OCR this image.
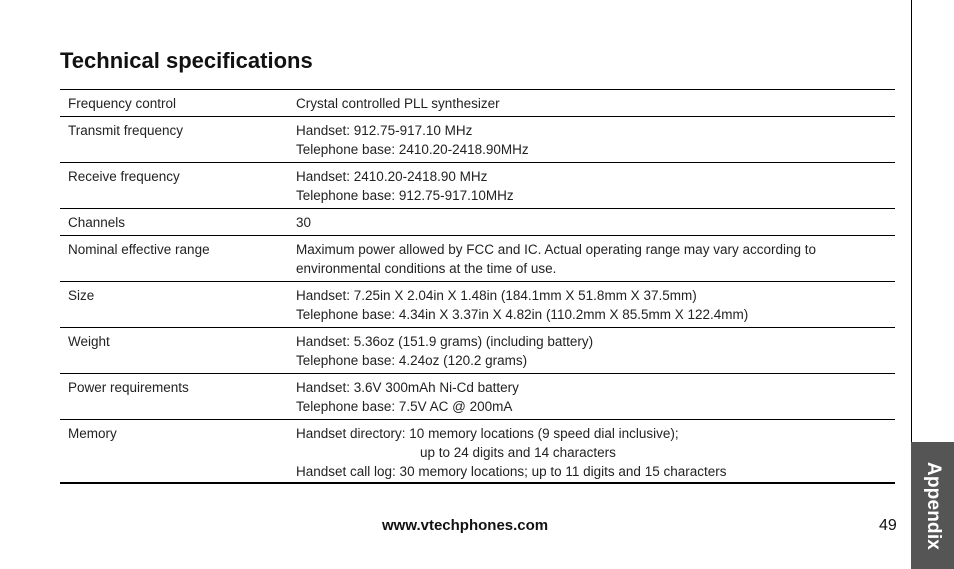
Appendix
Technical specifications
Frequency control	Crystal controlled PLL synthesizer

Transmit frequency	Handset: 912.75-917.10 MHz
Telephone base: 2410.20-2418.90MHz

Receive frequency	Handset: 2410.20-2418.90 MHz
Telephone base: 912.75-917.10MHz

Channels	30

Nominal effective range	Maximum power allowed by FCC and IC. Actual operating range may vary according to
environmental conditions at the time of use.

Size	Handset: 7.25in X 2.04in X 1.48in (184.1mm X 51.8mm X 37.5mm)
Telephone base: 4.34in X 3.37in X 4.82in (110.2mm X 85.5mm X 122.4mm)

Weight	Handset: 5.36oz (151.9 grams) (including battery)
Telephone base: 4.24oz (120.2 grams)

Power requirements	Handset: 3.6V 300mAh Ni-Cd battery
Telephone base: 7.5V AC @ 200mA

Memory	Handset directory: 10 memory locations (9 speed dial inclusive);
up to 24 digits and 14 characters
Handset call log: 30 memory locations; up to 11 digits and 15 characters
www.vtechphones.com	49
